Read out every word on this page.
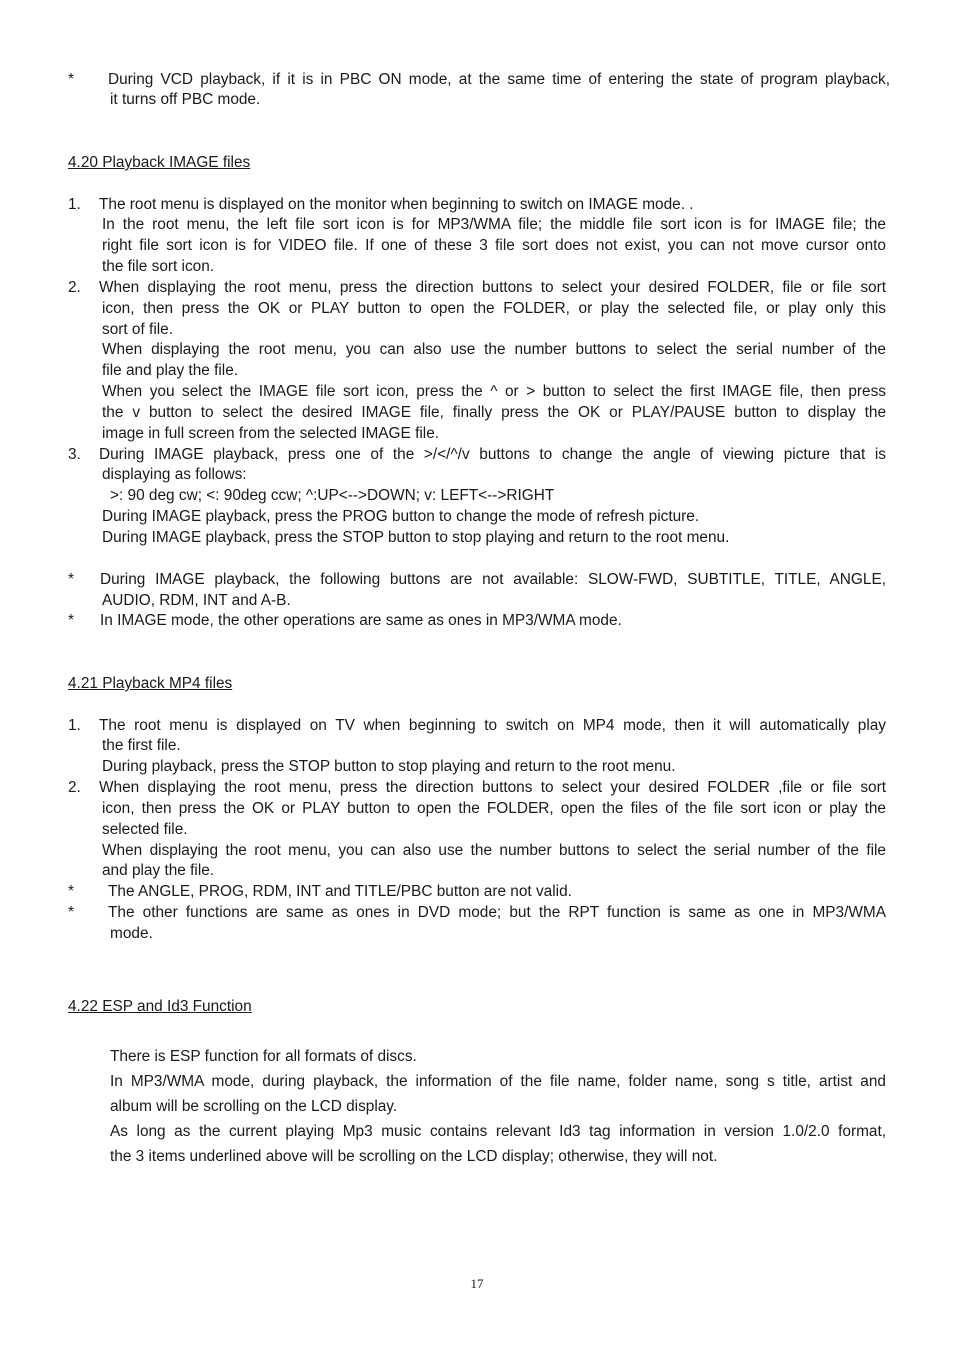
* During VCD playback, if it is in PBC ON mode, at the same time of entering the state of program playback,
it turns off PBC mode.
4.20 Playback IMAGE files
1. The root menu is displayed on the monitor when beginning to switch on IMAGE mode. .
In the root menu, the left file sort icon is for MP3/WMA file; the middle file sort icon is for IMAGE file; the
right file sort icon is for VIDEO file. If one of these 3 file sort does not exist, you can not move cursor onto
the file sort icon.
2. When displaying the root menu, press the direction buttons to select your desired FOLDER, file or file sort
icon, then press the OK or PLAY button to open the FOLDER, or play the selected file, or play only this
sort of file.
When displaying the root menu, you can also use the number buttons to select the serial number of the
file and play the file.
When you select the IMAGE file sort icon, press the ^ or > button to select the first IMAGE file, then press
the v button to select the desired IMAGE file, finally press the OK or PLAY/PAUSE button to display the
image in full screen from the selected IMAGE file.
3. During IMAGE playback, press one of the >/</^/v buttons to change the angle of viewing picture that is
displaying as follows:
>: 90 deg cw; <: 90deg ccw; ^:UP<-->DOWN; v: LEFT<-->RIGHT
During IMAGE playback, press the PROG button to change the mode of refresh picture.
During IMAGE playback, press the STOP button to stop playing and return to the root menu.
* During IMAGE playback, the following buttons are not available: SLOW-FWD, SUBTITLE, TITLE, ANGLE,
AUDIO, RDM, INT and A-B.
* In IMAGE mode, the other operations are same as ones in MP3/WMA mode.
4.21 Playback MP4 files
1. The root menu is displayed on TV when beginning to switch on MP4 mode, then it will automatically play
the first file.
During playback, press the STOP button to stop playing and return to the root menu.
2. When displaying the root menu, press the direction buttons to select your desired FOLDER ,file or file sort
icon, then press the OK or PLAY button to open the FOLDER, open the files of the file sort icon or play the
selected file.
When displaying the root menu, you can also use the number buttons to select the serial number of the file
and play the file.
* The ANGLE, PROG, RDM, INT and TITLE/PBC button are not valid.
* The other functions are same as ones in DVD mode; but the RPT function is same as one in MP3/WMA
mode.
4.22 ESP and Id3 Function
There is ESP function for all formats of discs.
In MP3/WMA mode, during playback, the information of the file name, folder name, song s title, artist and
album will be scrolling on the LCD display.
As long as the current playing Mp3 music contains relevant Id3 tag information in version 1.0/2.0 format,
the 3 items underlined above will be scrolling on the LCD display; otherwise, they will not.
17
